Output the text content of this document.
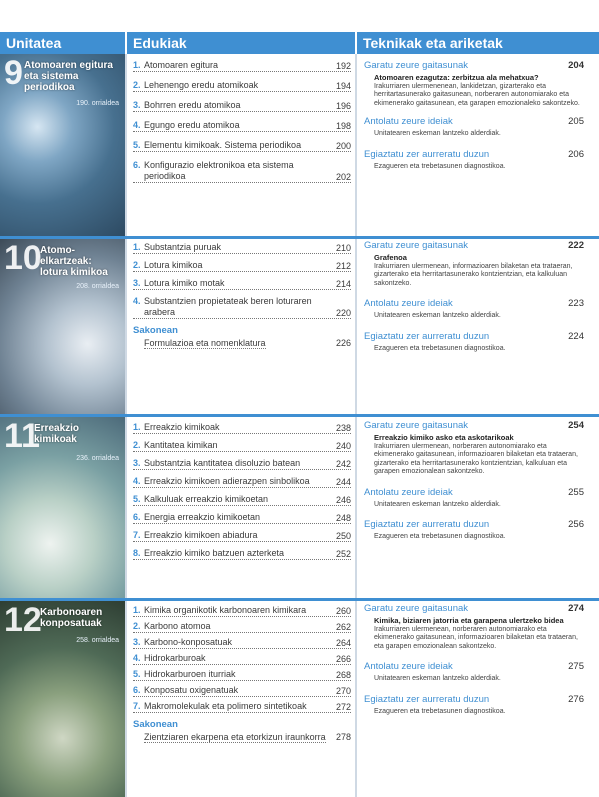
Unitatea	Edukiak	Teknikak eta ariketak
9 Atomoaren egitura eta sistema periodikoa
190. orrialdea
1. Atomoaren egitura	192
2. Lehenengo eredu atomikoak	194
3. Bohrren eredu atomikoa	196
4. Egungo eredu atomikoa	198
5. Elementu kimikoak. Sistema periodikoa	200
6. Konfigurazio elektronikoa eta sistema periodikoa	202
Garatu zeure gaitasunak	204
Atomoaren ezagutza: zerbitzua ala mehatxua?
Irakurriaren ulermenenean, lankidetzan, gizarterako eta herritartasunerako gaitasunean, norberaren autonomiarako eta ekimenerako gaitasunean, eta garapen emozionaleko sakontzeko.
Antolatu zeure ideiak	205
Unitatearen eskeman lantzeko alderdiak.
Egiaztatu zer aurreratu duzun	206
Ezagueren eta trebetasunen diagnostikoa.
10
Atomo-elkartzeak: lotura kimikoa
208. orrialdea
1. Substantzia puruak	210
2. Lotura kimikoa	212
3. Lotura kimiko motak	214
4. Substantzien propietateak beren loturaren arabera	220
Sakonean
Formulazioa eta nomenklatura	226
Garatu zeure gaitasunak	222
Grafenoa
Irakurriaren ulermenean, informazioaren bilaketan eta trataeran, gizarterako eta herritartasunerako kontzientzian, eta kalkuluan sakontzeko.
Antolatu zeure ideiak	223
Unitatearen eskeman lantzeko alderdiak.
Egiaztatu zer aurreratu duzun	224
Ezagueren eta trebetasunen diagnostikoa.
11
Erreakzio kimikoak
236. orrialdea
1. Erreakzio kimikoak	238
2. Kantitatea kimikan	240
3. Substantzia kantitatea disoluzio batean	242
4. Erreakzio kimikoen adierazpen sinbolikoa	244
5. Kalkuluak erreakzio kimikoetan	246
6. Energia erreakzio kimikoetan	248
7. Erreakzio kimikoen abiadura	250
8. Erreakzio kimiko batzuen azterketa	252
Garatu zeure gaitasunak	254
Erreakzio kimiko asko eta askotarikoak
Irakurriaren ulermenean, norberaren autonomiarako eta ekimenerako gaitasunean, informazioaren bilaketan eta trataeran, gizarterako eta herritartasunerako kontzientzian, kalkuluan eta garapen emozionalean sakontzeko.
Antolatu zeure ideiak	255
Unitatearen eskeman lantzeko alderdiak.
Egiaztatu zer aurreratu duzun	256
Ezagueren eta trebetasunen diagnostikoa.
12
Karbonoaren konposatuak
258. orrialdea
1. Kimika organikotik karbonoaren kimikara	260
2. Karbono atomoa	262
3. Karbono-konposatuak	264
4. Hidrokarburoak	266
5. Hidrokarburoen iturriak	268
6. Konposatu oxigenatuak	270
7. Makromolekulak eta polimero sintetikoak	272
Sakonean
Zientziaren ekarpena eta etorkizun iraunkorra 278
Garatu zeure gaitasunak	274
Kimika, biziaren jatorria eta garapena ulertzeko bidea
Irakurriaren ulermenean, norberaren autonomiarako eta ekimenerako gaitasunean, informazioaren bilaketan eta trataeran, eta garapen emozionalean sakontzeko.
Antolatu zeure ideiak	275
Unitatearen eskeman lantzeko alderdiak.
Egiaztatu zer aurreratu duzun	276
Ezagueren eta trebetasunen diagnostikoa.
